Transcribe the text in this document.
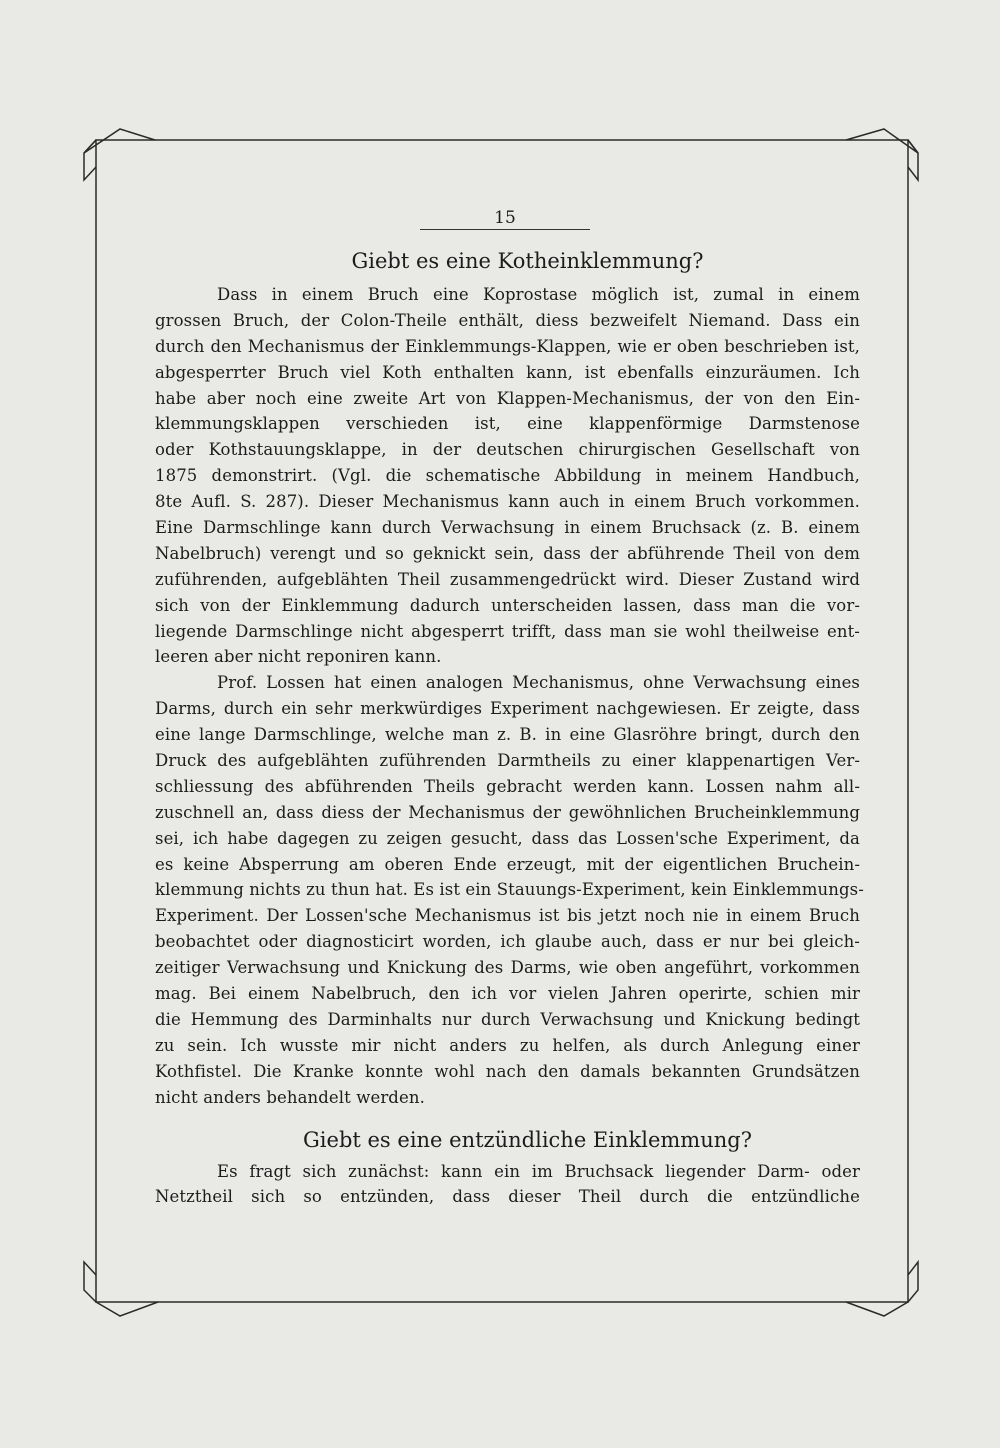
15
Giebt es eine Kotheinklemmung?
Dass in einem Bruch eine Koprostase möglich ist, zumal in einem
grossen Bruch, der Colon-Theile enthält, diess bezweifelt Niemand. Dass ein
durch den Mechanismus der Einklemmungs-Klappen, wie er oben beschrieben ist,
abgesperrter Bruch viel Koth enthalten kann, ist ebenfalls einzuräumen. Ich
habe aber noch eine zweite Art von Klappen-Mechanismus, der von den Ein-
klemmungsklappen verschieden ist, eine klappenförmige Darmstenose
oder Kothstauungsklappe, in der deutschen chirurgischen Gesellschaft von
1875 demonstrirt. (Vgl. die schematische Abbildung in meinem Handbuch,
8te Aufl. S. 287). Dieser Mechanismus kann auch in einem Bruch vorkommen.
Eine Darmschlinge kann durch Verwachsung in einem Bruchsack (z. B. einem
Nabelbruch) verengt und so geknickt sein, dass der abführende Theil von dem
zuführenden, aufgeblähten Theil zusammengedrückt wird. Dieser Zustand wird
sich von der Einklemmung dadurch unterscheiden lassen, dass man die vor-
liegende Darmschlinge nicht abgesperrt trifft, dass man sie wohl theilweise ent-
leeren aber nicht reponiren kann.
Prof. Lossen hat einen analogen Mechanismus, ohne Verwachsung eines
Darms, durch ein sehr merkwürdiges Experiment nachgewiesen. Er zeigte, dass
eine lange Darmschlinge, welche man z. B. in eine Glasröhre bringt, durch den
Druck des aufgeblähten zuführenden Darmtheils zu einer klappenartigen Ver-
schliessung des abführenden Theils gebracht werden kann. Lossen nahm all-
zuschnell an, dass diess der Mechanismus der gewöhnlichen Brucheinklemmung
sei, ich habe dagegen zu zeigen gesucht, dass das Lossen'sche Experiment, da
es keine Absperrung am oberen Ende erzeugt, mit der eigentlichen Bruchein-
klemmung nichts zu thun hat. Es ist ein Stauungs-Experiment, kein Einklemmungs-
Experiment. Der Lossen'sche Mechanismus ist bis jetzt noch nie in einem Bruch
beobachtet oder diagnosticirt worden, ich glaube auch, dass er nur bei gleich-
zeitiger Verwachsung und Knickung des Darms, wie oben angeführt, vorkommen
mag. Bei einem Nabelbruch, den ich vor vielen Jahren operirte, schien mir
die Hemmung des Darminhalts nur durch Verwachsung und Knickung bedingt
zu sein. Ich wusste mir nicht anders zu helfen, als durch Anlegung einer
Kothfistel. Die Kranke konnte wohl nach den damals bekannten Grundsätzen
nicht anders behandelt werden.
Giebt es eine entzündliche Einklemmung?
Es fragt sich zunächst: kann ein im Bruchsack liegender Darm- oder
Netztheil sich so entzünden, dass dieser Theil durch die entzündliche
